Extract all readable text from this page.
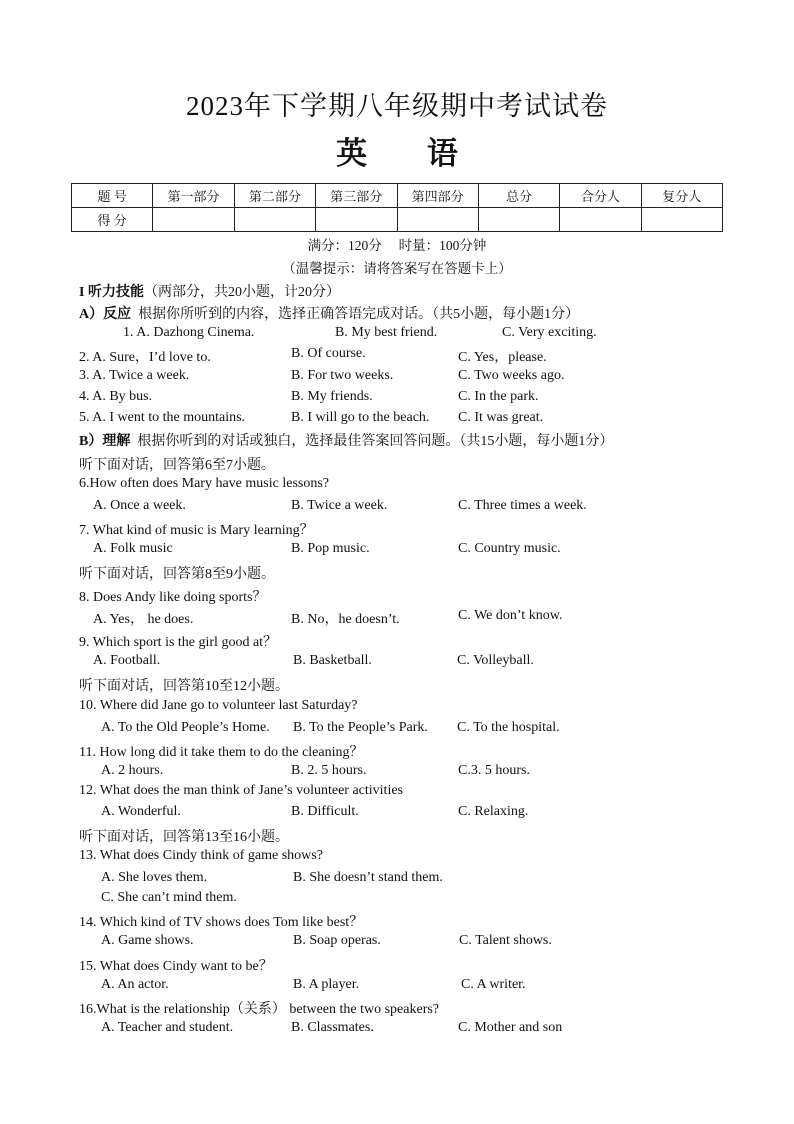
2023年下学期八年级期中考试试卷
英 语
题 号	第一部分	第二部分	第三部分	第四部分	总分	合分人	复分人
得 分							
满分：120分　 时量：100分钟
（温馨提示：请将答案写在答题卡上）
I 听力技能（两部分，共20小题，计20分）
A）反应 根据你所听到的内容，选择正确答语完成对话。（共5小题，每小题1分）
1. A. Dazhong Cinema.	B. My best friend.	C. Very exciting.
2. A. Sure，I’d love to.	B. Of course.	C. Yes，please.
3. A. Twice a week.	B. For two weeks.	C. Two weeks ago.
4. A. By bus.	B. My friends.	C. In the park.
5. A. I went to the mountains.	B. I will go to the beach. C. It was great.
B）理解 根据你听到的对话或独白，选择最佳答案回答问题。（共15小题，每小题1分）
听下面对话，回答第6至7小题。
6.How often does Mary have music lessons?
A. Once a week.	B. Twice a week.	C. Three times a week.
7. What kind of music is Mary learning？
A. Folk music	B. Pop music.	C. Country music.
听下面对话，回答第8至9小题。
8. Does Andy like doing sports？
A. Yes， he does.	B. No，he doesn’t.	C. We don’t know.
9. Which sport is the girl good at？
A. Football.	B. Basketball.	C. Volleyball.
听下面对话，回答第10至12小题。
10. Where did Jane go to volunteer last Saturday?
A. To the Old People’s Home. B. To the People’s Park. C. To the hospital.
11. How long did it take them to do the cleaning？
A. 2 hours.	B. 2. 5 hours.	C.3. 5 hours.
12. What does the man think of Jane’s volunteer activities
A. Wonderful.	B. Difficult.	C. Relaxing.
听下面对话，回答第13至16小题。
13. What does Cindy think of game shows?
A. She loves them.	B. She doesn’t stand them.
C. She can’t mind them.
14. Which kind of TV shows does Tom like best？
A. Game shows.	B. Soap operas.	C. Talent shows.
15. What does Cindy want to be？
A. An actor.	B. A player.	C. A writer.
16.What is the relationship（关系） between the two speakers?
A. Teacher and student.	B. Classmates.	C. Mother and son
